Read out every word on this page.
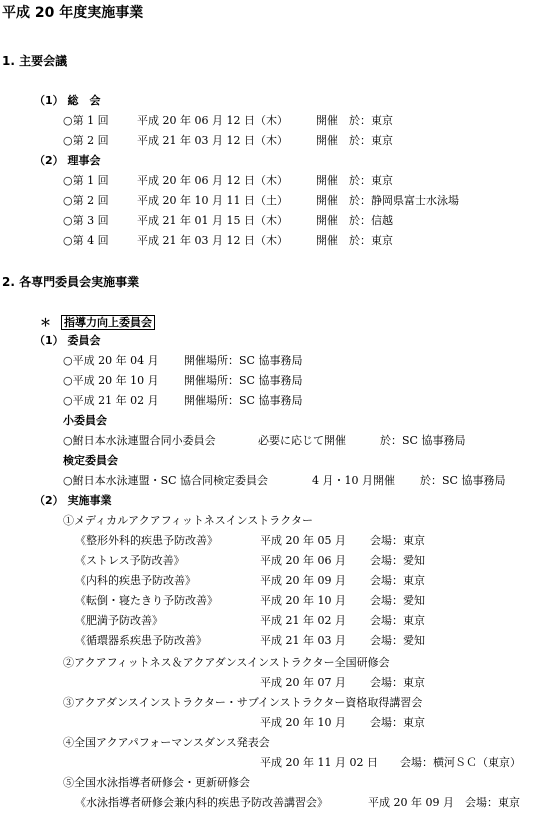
平成 20 年度実施事業
1. 主要会議
（1） 総　会
○第 1 回	平成 20 年 06 月 12 日（木）	開催　於：東京
○第 2 回	平成 21 年 03 月 12 日（木）	開催　於：東京
（2） 理事会
○第 1 回	平成 20 年 06 月 12 日（木）	開催　於：東京
○第 2 回	平成 20 年 10 月 11 日（土）	開催　於：静岡県富士水泳場
○第 3 回	平成 21 年 01 月 15 日（木）	開催　於：信越
○第 4 回	平成 21 年 03 月 12 日（木）	開催　於：東京
2. 各専門委員会実施事業
＊ 指導力向上委員会
（1） 委員会
○平成 20 年 04 月 開催場所：SC 協事務局
○平成 20 年 10 月 開催場所：SC 協事務局
○平成 21 年 02 月 開催場所：SC 協事務局
小委員会
○鮒日本水泳連盟合同小委員会	必要に応じて開催	於：SC 協事務局
検定委員会
○鮒日本水泳連盟・SC 協合同検定委員会	4 月・10 月開催 於：SC 協事務局
（2） 実施事業
①メディカルアクアフィットネスインストラクター
《整形外科的疾患予防改善》	平成 20 年 05 月 会場：東京
《ストレス予防改善》	平成 20 年 06 月 会場：愛知
《内科的疾患予防改善》	平成 20 年 09 月 会場：東京
《転倒・寝たきり予防改善》	平成 20 年 10 月 会場：愛知
《肥満予防改善》	平成 21 年 02 月 会場：東京
《循環器系疾患予防改善》	平成 21 年 03 月 会場：愛知
②アクアフィットネス＆アクアダンスインストラクター全国研修会
平成 20 年 07 月 会場：東京
③アクアダンスインストラクター・サブインストラクター資格取得講習会
平成 20 年 10 月 会場：東京
④全国アクアパフォーマンスダンス発表会
平成 20 年 11 月 02 日 会場：横河ＳＣ（東京）
⑤全国水泳指導者研修会・更新研修会
《水泳指導者研修会兼内科的疾患予防改善講習会》	平成 20 年 09 月 会場：東京
